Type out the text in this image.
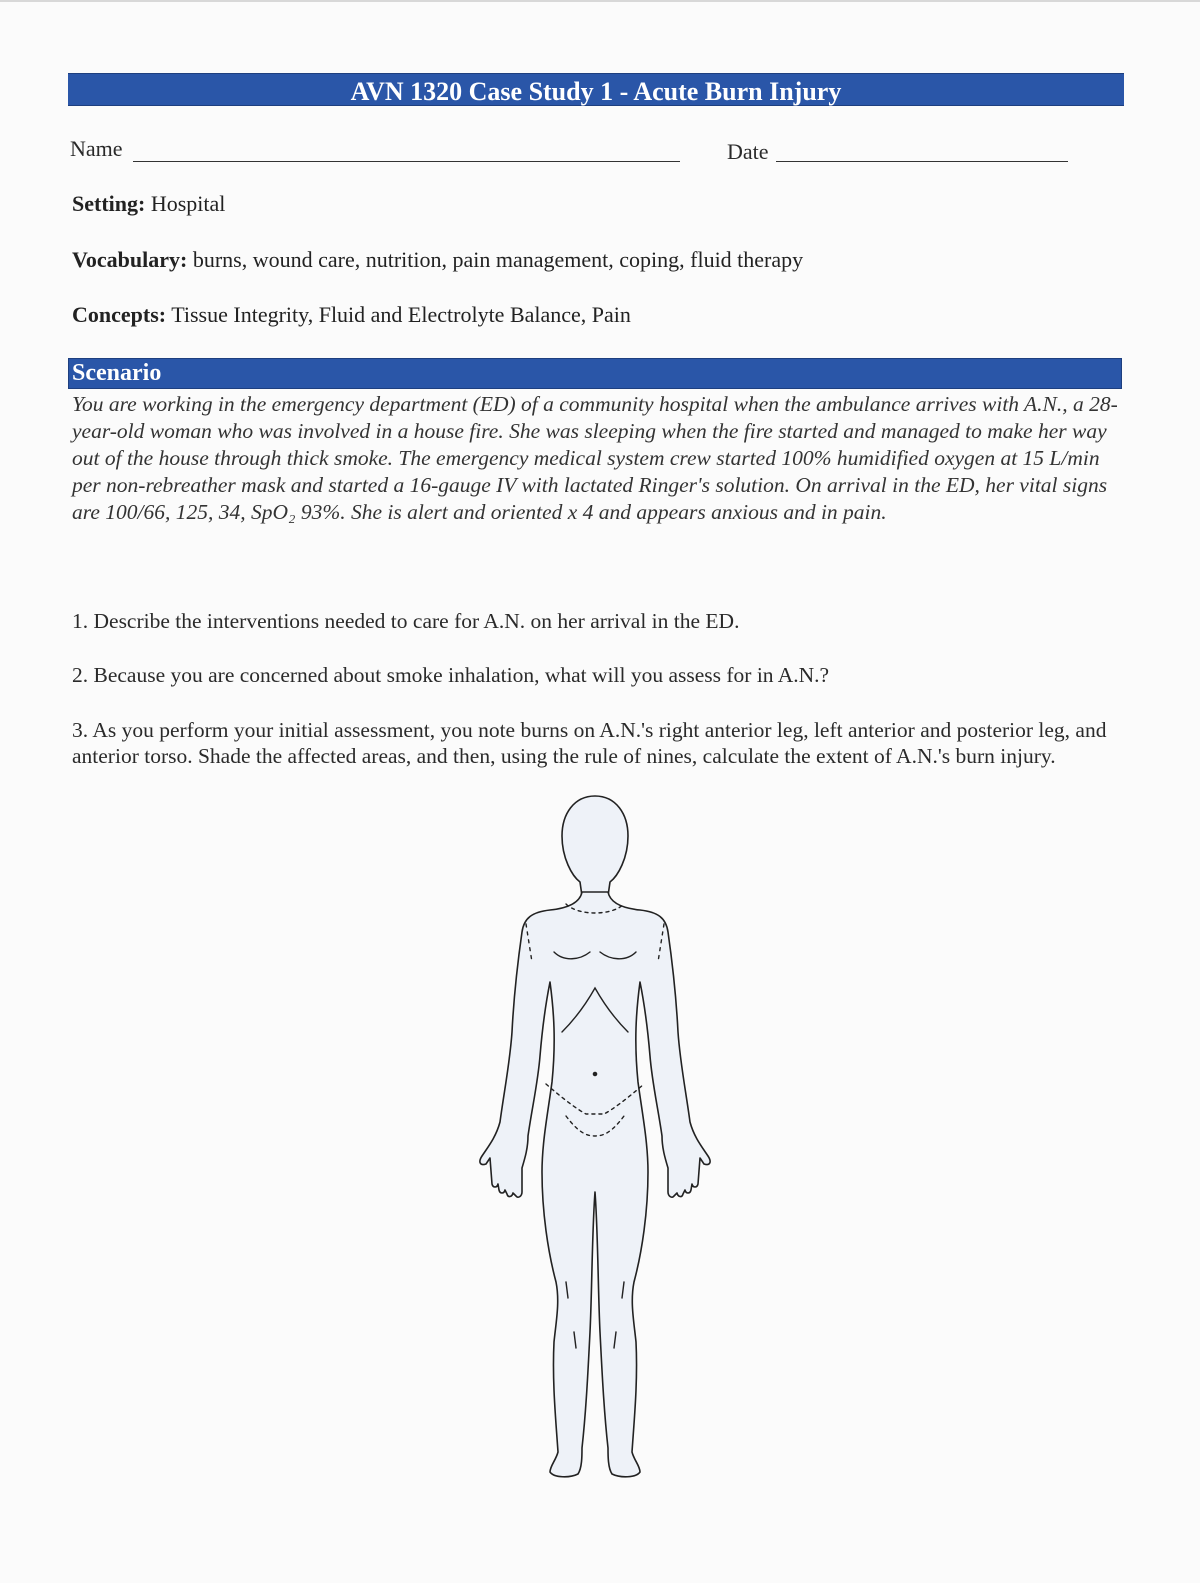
AVN 1320 Case Study 1 - Acute Burn Injury
Name	Date
Setting: Hospital
Vocabulary: burns, wound care, nutrition, pain management, coping, fluid therapy
Concepts: Tissue Integrity, Fluid and Electrolyte Balance, Pain
Scenario
You are working in the emergency department (ED) of a community hospital when the ambulance arrives with A.N., a 28-year-old woman who was involved in a house fire. She was sleeping when the fire started and managed to make her way out of the house through thick smoke. The emergency medical system crew started 100% humidified oxygen at 15 L/min per non-rebreather mask and started a 16-gauge IV with lactated Ringer's solution. On arrival in the ED, her vital signs are 100/66, 125, 34, SpO₂ 93%. She is alert and oriented x 4 and appears anxious and in pain.
1. Describe the interventions needed to care for A.N. on her arrival in the ED.
2. Because you are concerned about smoke inhalation, what will you assess for in A.N.?
3. As you perform your initial assessment, you note burns on A.N.'s right anterior leg, left anterior and posterior leg, and anterior torso. Shade the affected areas, and then, using the rule of nines, calculate the extent of A.N.'s burn injury.
